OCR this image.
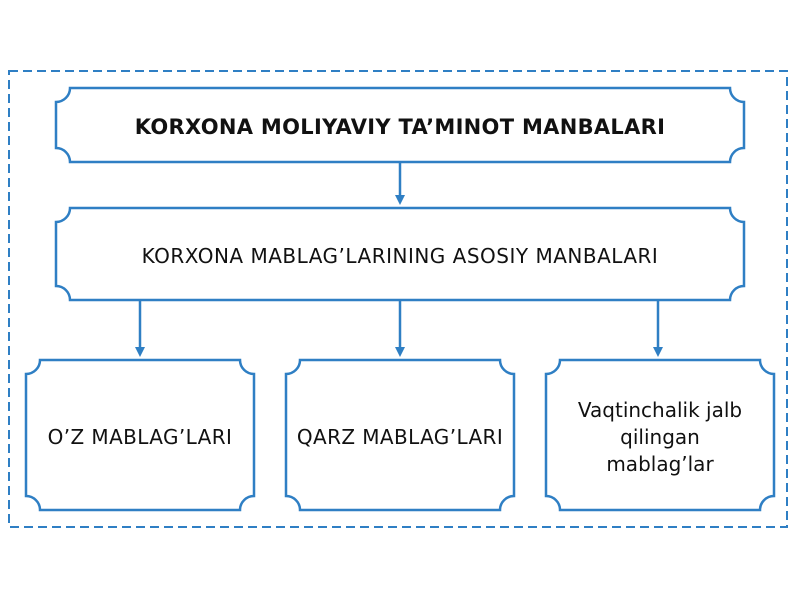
KORXONA MOLIYAVIY TA’MINOT MANBALARI
KORXONA MABLAG’LARINING ASOSIY MANBALARI
O’Z MABLAG’LARI	QARZ MABLAG’LARI
Vaqtinchalik jalb qilingan mablag’lar
